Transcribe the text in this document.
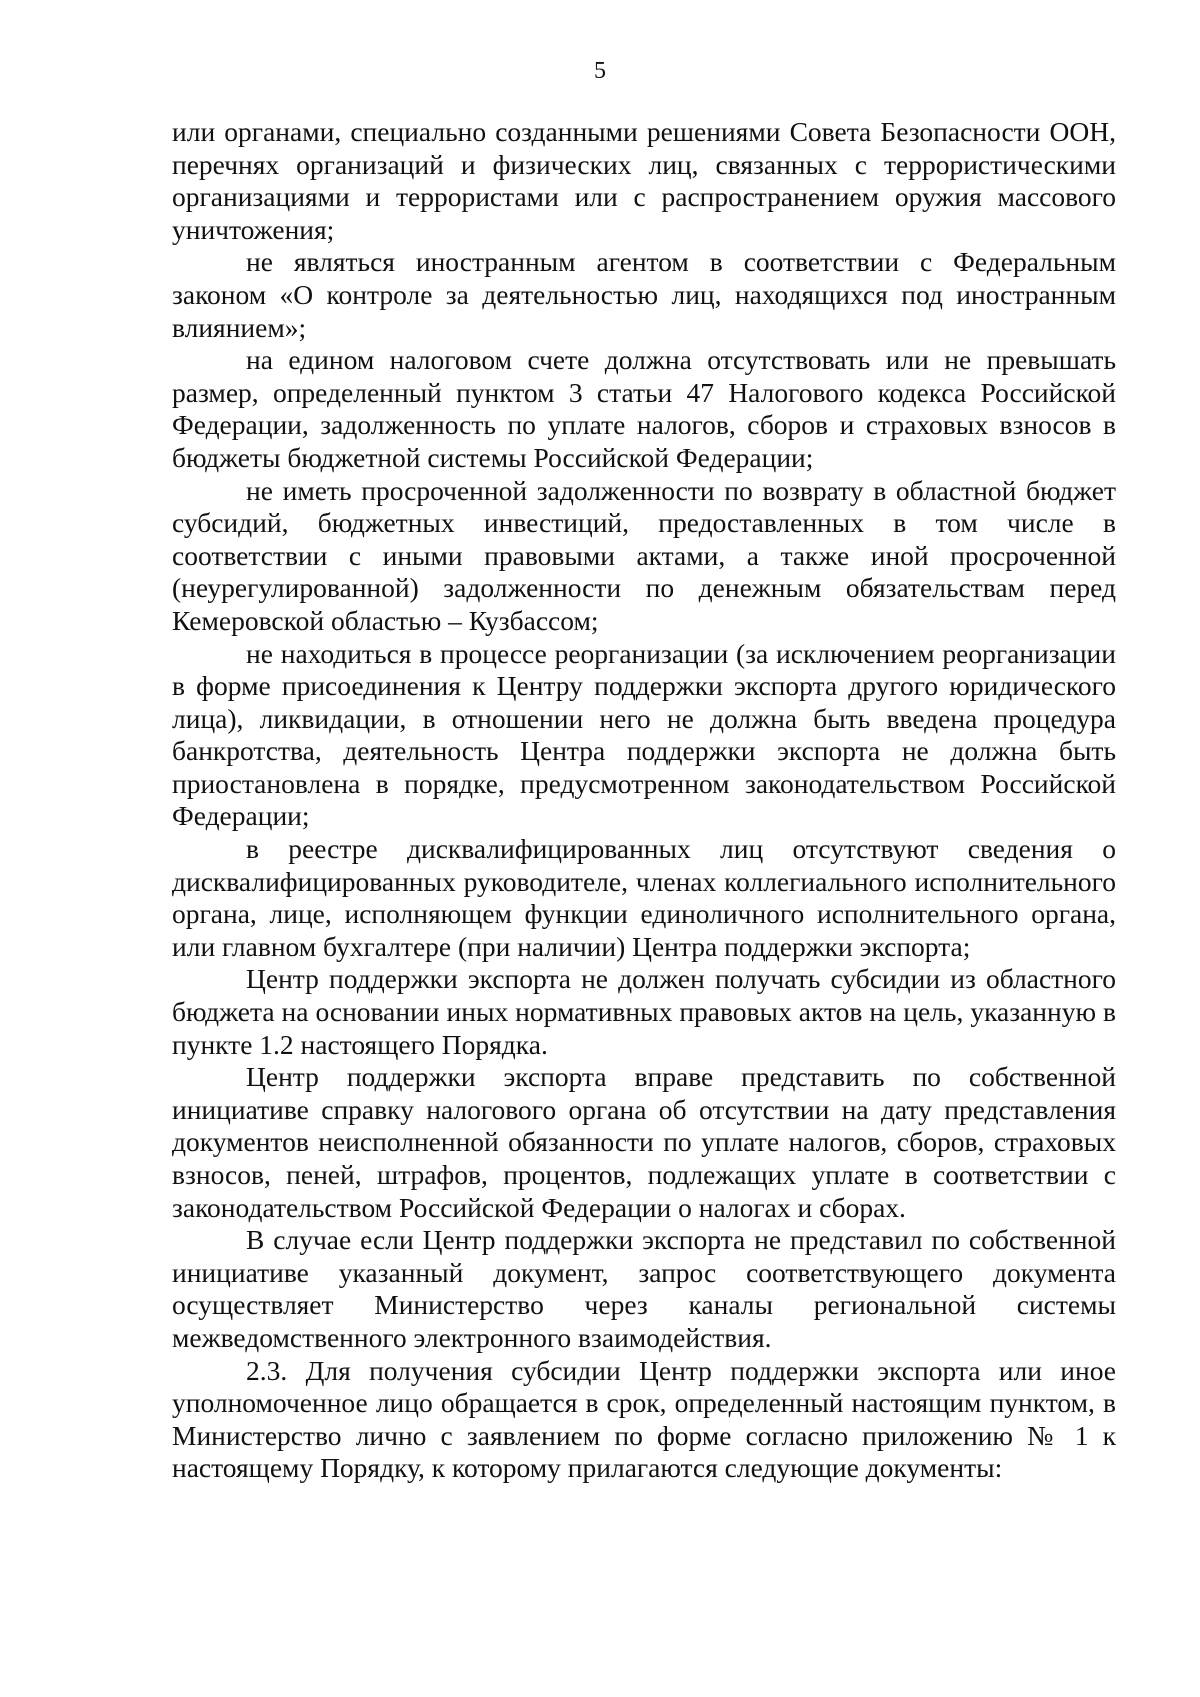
5

или органами, специально созданными решениями Совета Безопасности ООН, перечнях организаций и физических лиц, связанных с террористическими организациями и террористами или с распространением оружия массового уничтожения;

не являться иностранным агентом в соответствии с Федеральным законом «О контроле за деятельностью лиц, находящихся под иностранным влиянием»;

на едином налоговом счете должна отсутствовать или не превышать размер, определенный пунктом 3 статьи 47 Налогового кодекса Российской Федерации, задолженность по уплате налогов, сборов и страховых взносов в бюджеты бюджетной системы Российской Федерации;

не иметь просроченной задолженности по возврату в областной бюджет субсидий, бюджетных инвестиций, предоставленных в том числе в соответствии с иными правовыми актами, а также иной просроченной (неурегулированной) задолженности по денежным обязательствам перед Кемеровской областью – Кузбассом;

не находиться в процессе реорганизации (за исключением реорганизации в форме присоединения к Центру поддержки экспорта другого юридического лица), ликвидации, в отношении него не должна быть введена процедура банкротства, деятельность Центра поддержки экспорта не должна быть приостановлена в порядке, предусмотренном законодательством Российской Федерации;

в реестре дисквалифицированных лиц отсутствуют сведения о дисквалифицированных руководителе, членах коллегиального исполнительного органа, лице, исполняющем функции единоличного исполнительного органа, или главном бухгалтере (при наличии) Центра поддержки экспорта;

Центр поддержки экспорта не должен получать субсидии из областного бюджета на основании иных нормативных правовых актов на цель, указанную в пункте 1.2 настоящего Порядка.

Центр поддержки экспорта вправе представить по собственной инициативе справку налогового органа об отсутствии на дату представления документов неисполненной обязанности по уплате налогов, сборов, страховых взносов, пеней, штрафов, процентов, подлежащих уплате в соответствии с законодательством Российской Федерации о налогах и сборах.

В случае если Центр поддержки экспорта не представил по собственной инициативе указанный документ, запрос соответствующего документа осуществляет Министерство через каналы региональной системы межведомственного электронного взаимодействия.

2.3. Для получения субсидии Центр поддержки экспорта или иное уполномоченное лицо обращается в срок, определенный настоящим пунктом, в Министерство лично с заявлением по форме согласно приложению № 1 к настоящему Порядку, к которому прилагаются следующие документы:
